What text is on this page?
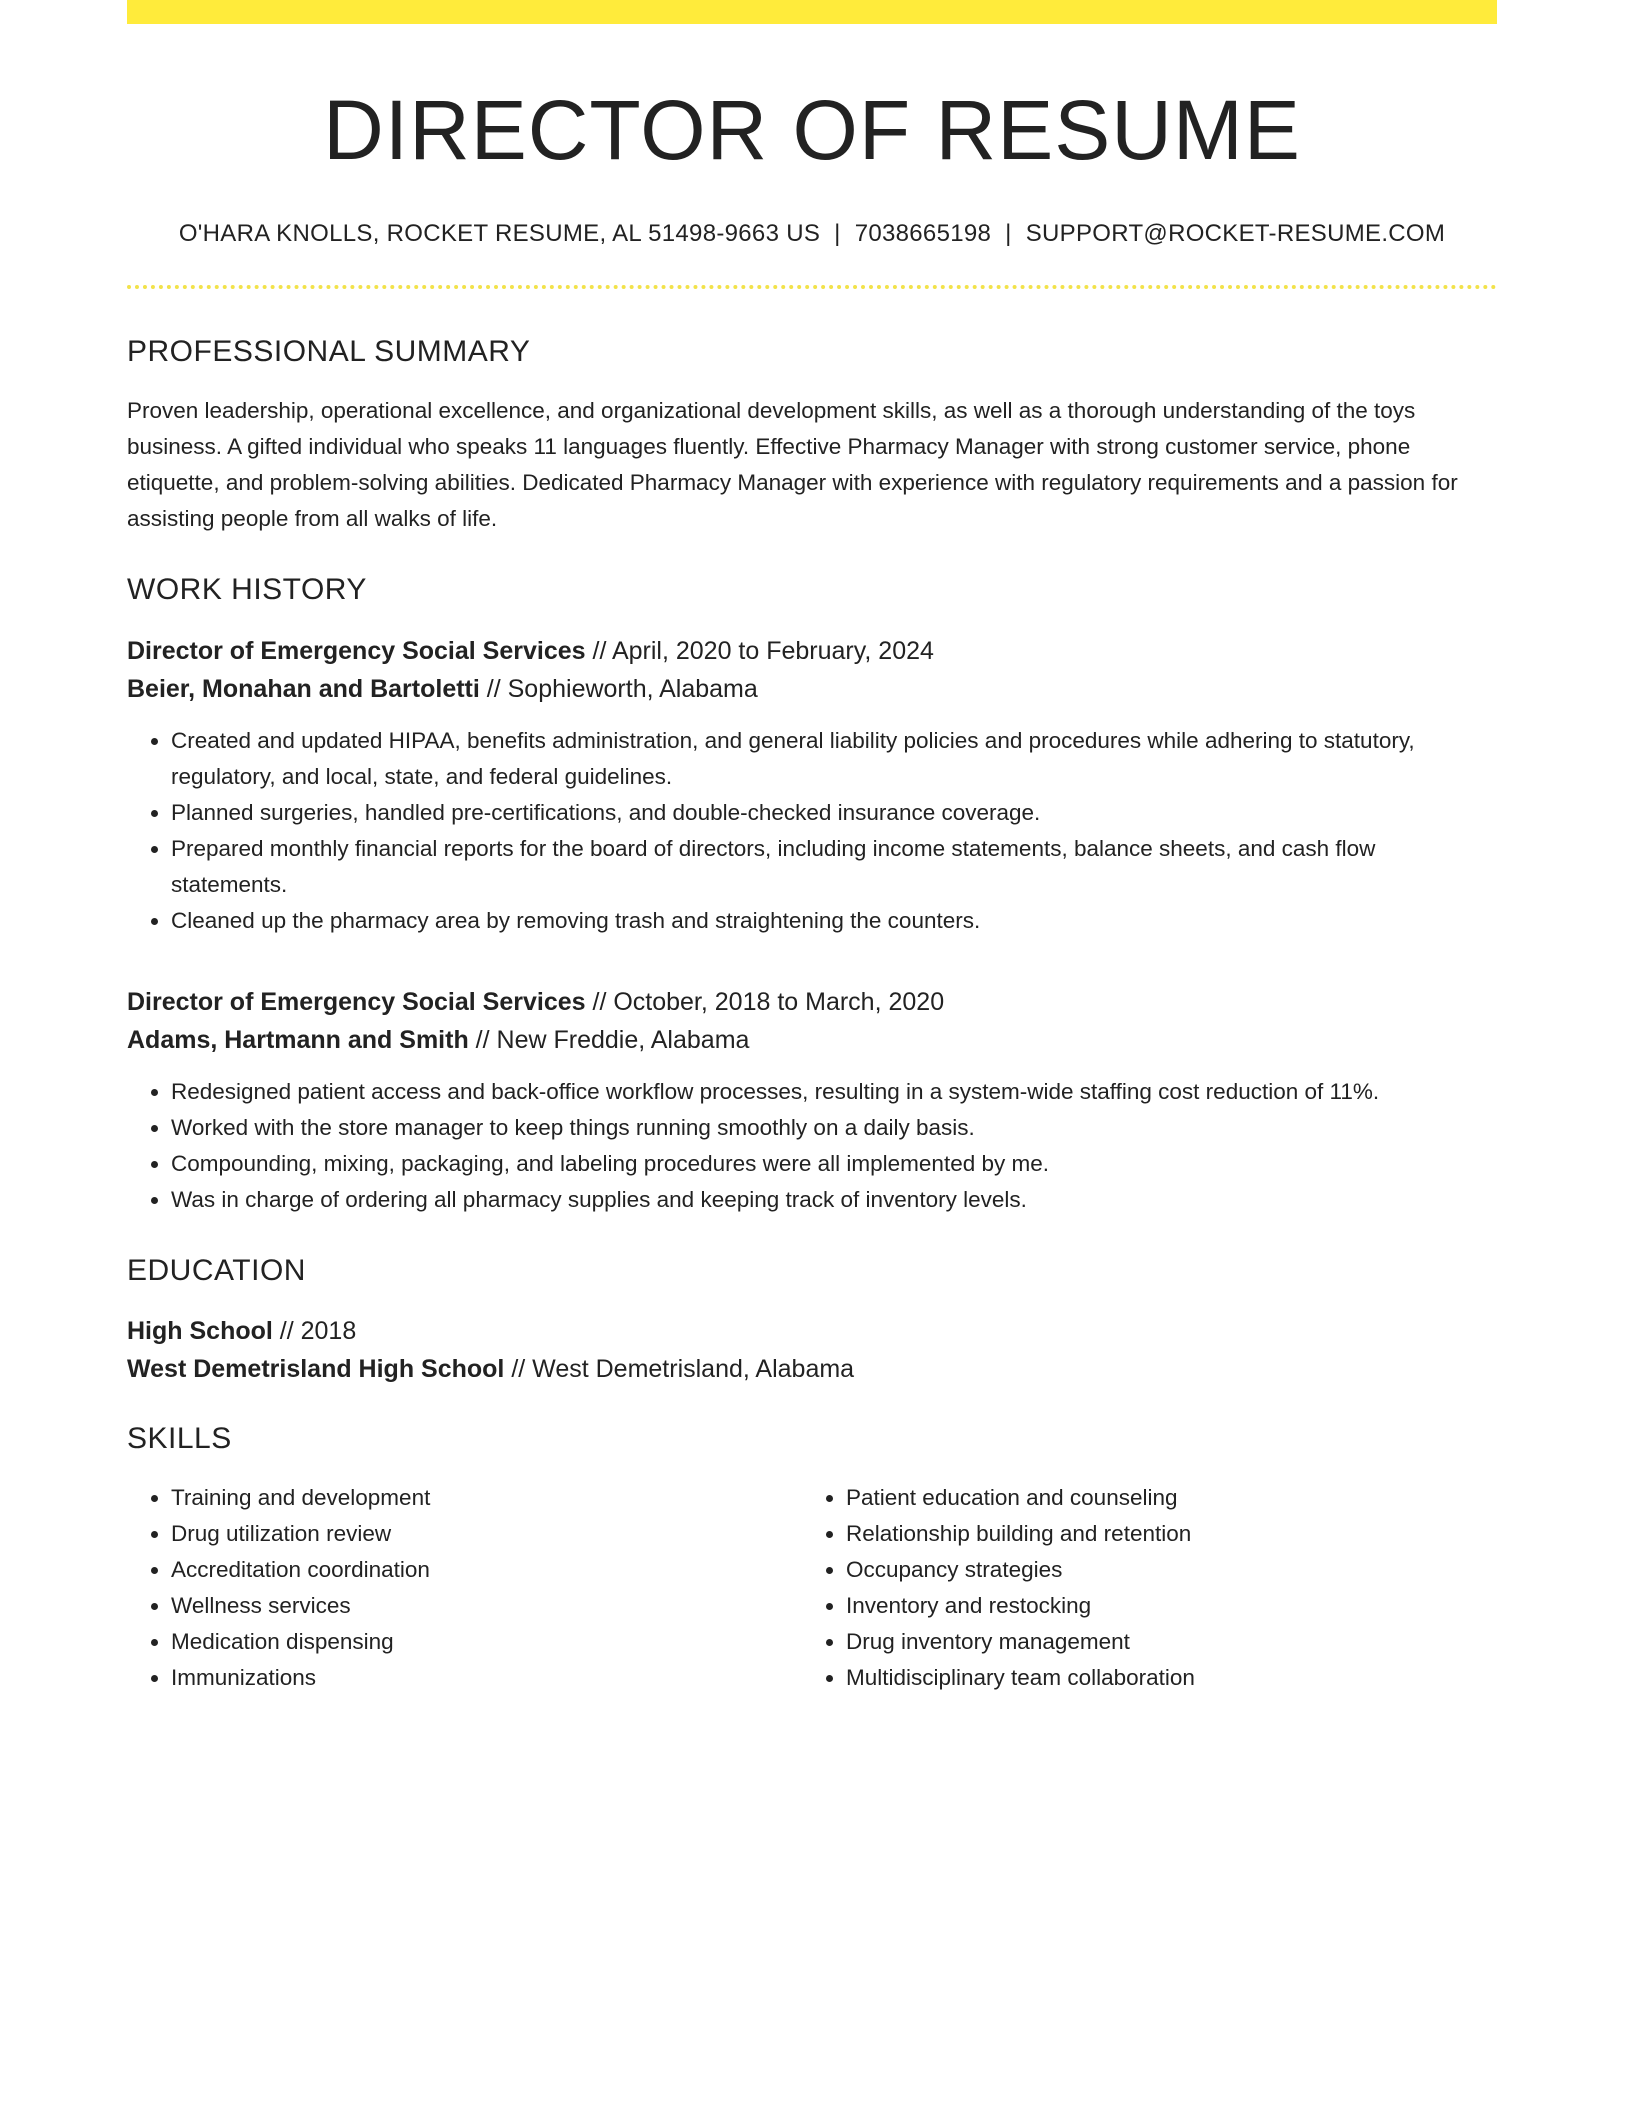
DIRECTOR OF RESUME
O'HARA KNOLLS, ROCKET RESUME, AL 51498-9663 US | 7038665198 | SUPPORT@ROCKET-RESUME.COM
PROFESSIONAL SUMMARY
Proven leadership, operational excellence, and organizational development skills, as well as a thorough understanding of the toys business. A gifted individual who speaks 11 languages fluently. Effective Pharmacy Manager with strong customer service, phone etiquette, and problem-solving abilities. Dedicated Pharmacy Manager with experience with regulatory requirements and a passion for assisting people from all walks of life.
WORK HISTORY
Director of Emergency Social Services // April, 2020 to February, 2024
Beier, Monahan and Bartoletti // Sophieworth, Alabama
• Created and updated HIPAA, benefits administration, and general liability policies and procedures while adhering to statutory, regulatory, and local, state, and federal guidelines.
• Planned surgeries, handled pre-certifications, and double-checked insurance coverage.
• Prepared monthly financial reports for the board of directors, including income statements, balance sheets, and cash flow statements.
• Cleaned up the pharmacy area by removing trash and straightening the counters.
Director of Emergency Social Services // October, 2018 to March, 2020
Adams, Hartmann and Smith // New Freddie, Alabama
• Redesigned patient access and back-office workflow processes, resulting in a system-wide staffing cost reduction of 11%.
• Worked with the store manager to keep things running smoothly on a daily basis.
• Compounding, mixing, packaging, and labeling procedures were all implemented by me.
• Was in charge of ordering all pharmacy supplies and keeping track of inventory levels.
EDUCATION
High School // 2018
West Demetrisland High School // West Demetrisland, Alabama
SKILLS
• Training and development
• Drug utilization review
• Accreditation coordination
• Wellness services
• Medication dispensing
• Immunizations
• Patient education and counseling
• Relationship building and retention
• Occupancy strategies
• Inventory and restocking
• Drug inventory management
• Multidisciplinary team collaboration
